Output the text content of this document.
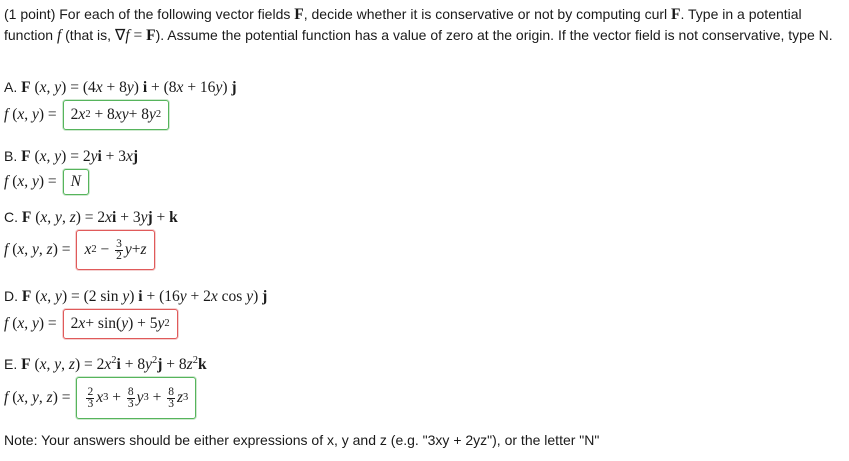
(1 point) For each of the following vector fields F, decide whether it is conservative or not by computing curl F. Type in a potential function f (that is, ∇f = F). Assume the potential function has a value of zero at the origin. If the vector field is not conservative, type N.
A. F (x, y) = (4x + 8y) i + (8x + 16y) j
f (x, y) = 2 x 2 + 8 xy + 8 y 2
B. F (x, y) = 2yi + 3xj
f (x, y) = N
C. F (x, y, z) = 2xi + 3yj + k
f (x, y, z) = x $2 - \frac{3}{2}$ y + z
D. F (x, y) = (2 sin y) i + (16y + 2x cos y) j
f (x, y) = 2 x + sin( y ) + 5 y 2
E. F (x, y, $z) = 2x^2i + 8y^2j + 8z^2k$
f (x, y, $z) = \frac{2}{3}$ x $3 + \frac{8}{3}$ y $3 + \frac{8}{3}$ z 3
Note: Your answers should be either expressions of x, y and z (e.g. "3xy + 2yz"), or the letter "N"
